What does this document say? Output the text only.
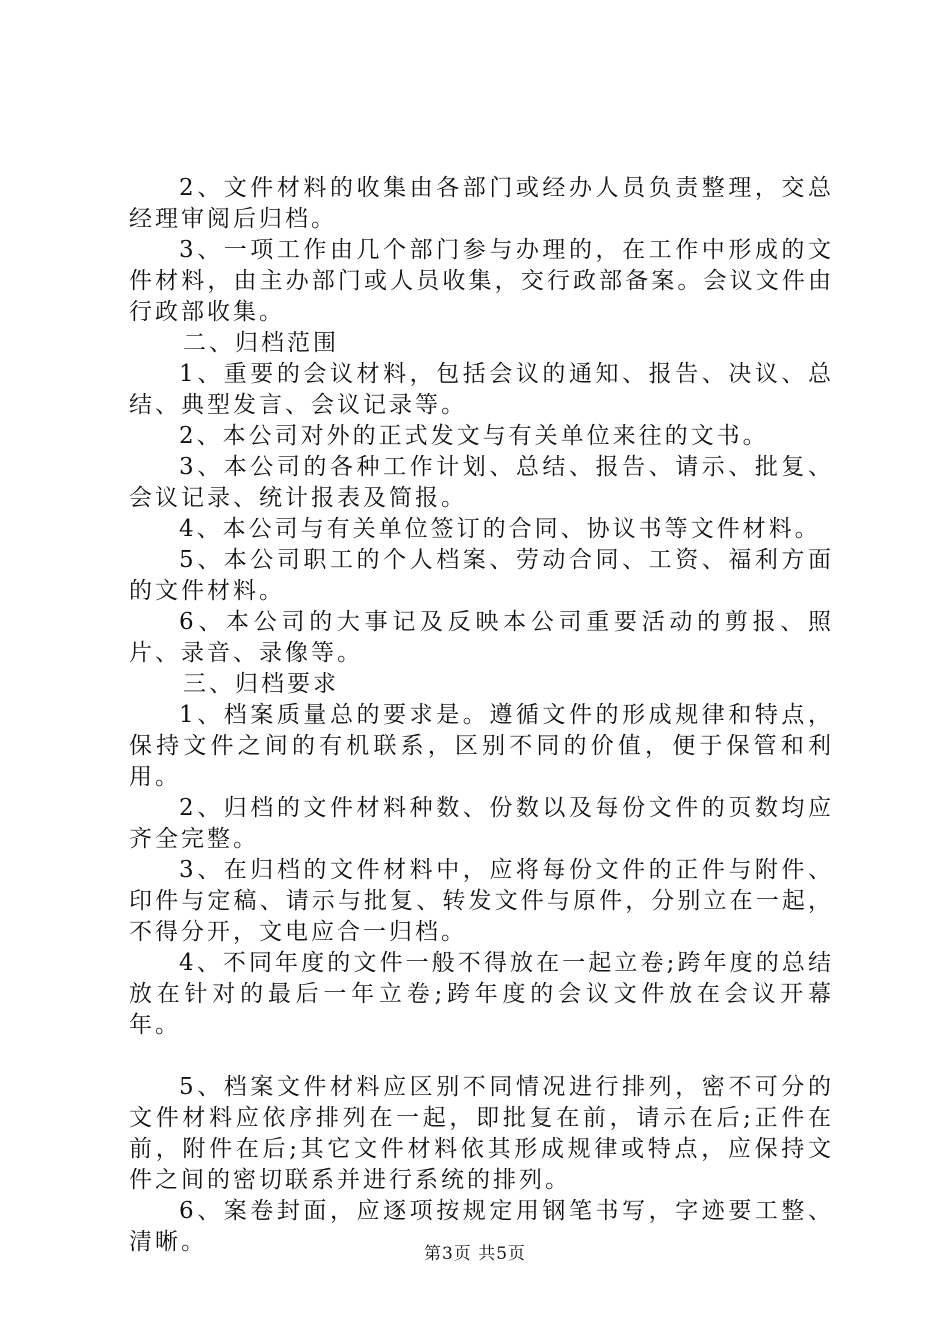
2、文件材料的收集由各部门或经办人员负责整理，交总经理审阅后归档。

3、一项工作由几个部门参与办理的，在工作中形成的文件材料，由主办部门或人员收集，交行政部备案。会议文件由行政部收集。

二、归档范围

1、重要的会议材料，包括会议的通知、报告、决议、总结、典型发言、会议记录等。

2、本公司对外的正式发文与有关单位来往的文书。

3、本公司的各种工作计划、总结、报告、请示、批复、会议记录、统计报表及简报。

4、本公司与有关单位签订的合同、协议书等文件材料。

5、本公司职工的个人档案、劳动合同、工资、福利方面的文件材料。

6、本公司的大事记及反映本公司重要活动的剪报、照片、录音、录像等。

三、归档要求

1、档案质量总的要求是。遵循文件的形成规律和特点，保持文件之间的有机联系，区别不同的价值，便于保管和利用。

2、归档的文件材料种数、份数以及每份文件的页数均应齐全完整。

3、在归档的文件材料中，应将每份文件的正件与附件、印件与定稿、请示与批复、转发文件与原件，分别立在一起，不得分开，文电应合一归档。

4、不同年度的文件一般不得放在一起立卷;跨年度的总结放在针对的最后一年立卷;跨年度的会议文件放在会议开幕年。

5、档案文件材料应区别不同情况进行排列，密不可分的文件材料应依序排列在一起，即批复在前，请示在后;正件在前，附件在后;其它文件材料依其形成规律或特点，应保持文件之间的密切联系并进行系统的排列。

6、案卷封面，应逐项按规定用钢笔书写，字迹要工整、清晰。	第3页 共5页
